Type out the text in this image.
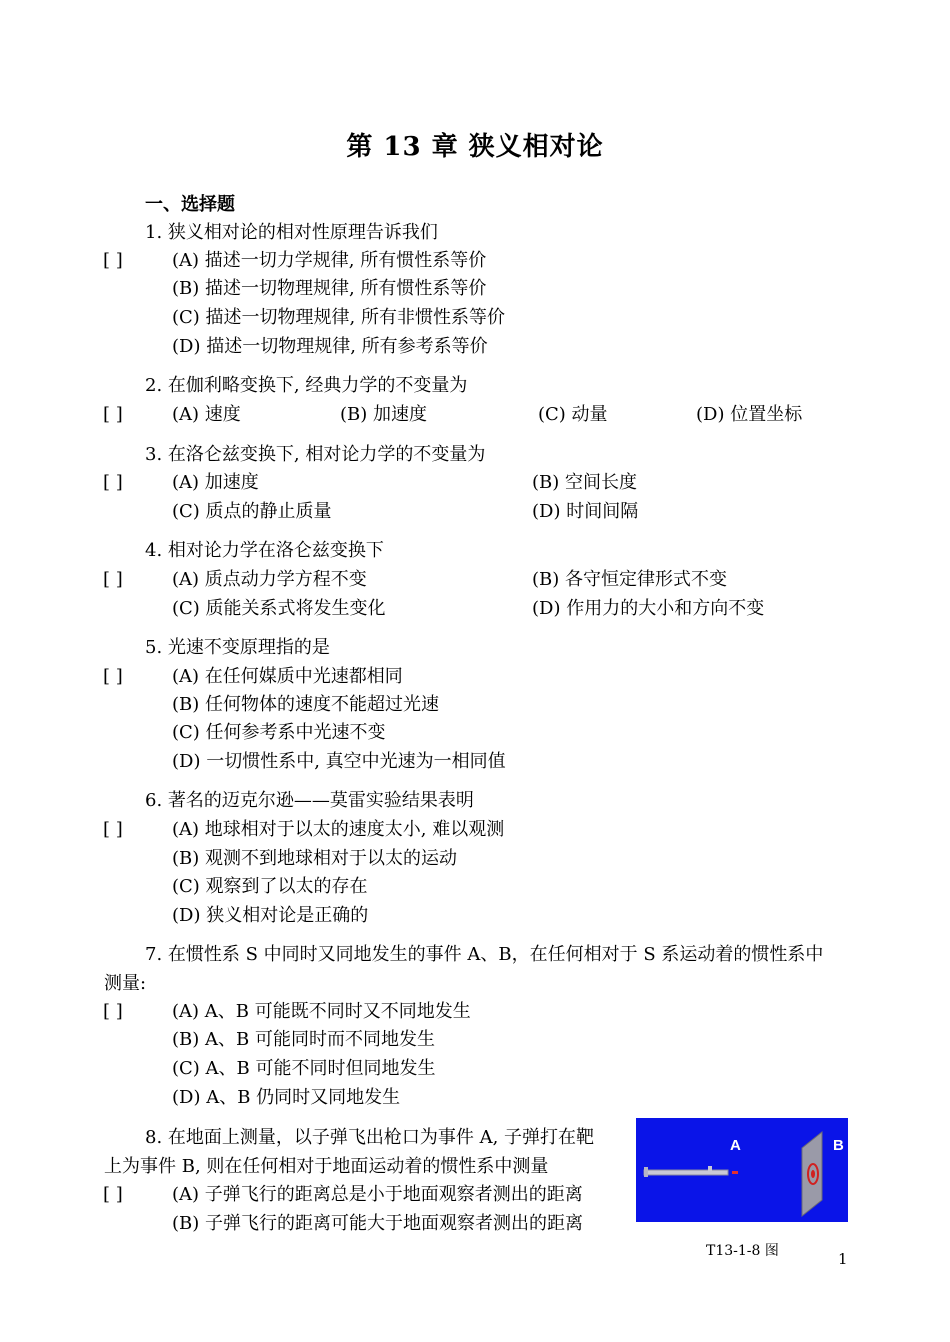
第 13 章 狭义相对论
一、选择题
1. 狭义相对论的相对性原理告诉我们
[ ]	(A) 描述一切力学规律, 所有惯性系等价
(B) 描述一切物理规律, 所有惯性系等价
(C) 描述一切物理规律, 所有非惯性系等价
(D) 描述一切物理规律, 所有参考系等价
2. 在伽利略变换下, 经典力学的不变量为
[ ]	(A) 速度	(B) 加速度	(C) 动量	(D) 位置坐标
3. 在洛仑兹变换下, 相对论力学的不变量为
[ ]	(A) 加速度	(B) 空间长度
(C) 质点的静止质量	(D) 时间间隔
4. 相对论力学在洛仑兹变换下
[ ]	(A) 质点动力学方程不变	(B) 各守恒定律形式不变
(C) 质能关系式将发生变化	(D) 作用力的大小和方向不变
5. 光速不变原理指的是
[ ]	(A) 在任何媒质中光速都相同
(B) 任何物体的速度不能超过光速
(C) 任何参考系中光速不变
(D) 一切惯性系中, 真空中光速为一相同值
6. 著名的迈克尔逊——莫雷实验结果表明
[ ]	(A) 地球相对于以太的速度太小, 难以观测
(B) 观测不到地球相对于以太的运动
(C) 观察到了以太的存在
(D) 狭义相对论是正确的
7. 在惯性系 S 中同时又同地发生的事件 A、B，在任何相对于 S 系运动着的惯性系中
测量:
[ ]	(A) A、B 可能既不同时又不同地发生
(B) A、B 可能同时而不同地发生
(C) A、B 可能不同时但同地发生
(D) A、B 仍同时又同地发生
8. 在地面上测量，以子弹飞出枪口为事件 A, 子弹打在靶
上为事件 B, 则在任何相对于地面运动着的惯性系中测量
[ ]	(A) 子弹飞行的距离总是小于地面观察者测出的距离
(B) 子弹飞行的距离可能大于地面观察者测出的距离
A	B
T13-1-8 图	1
